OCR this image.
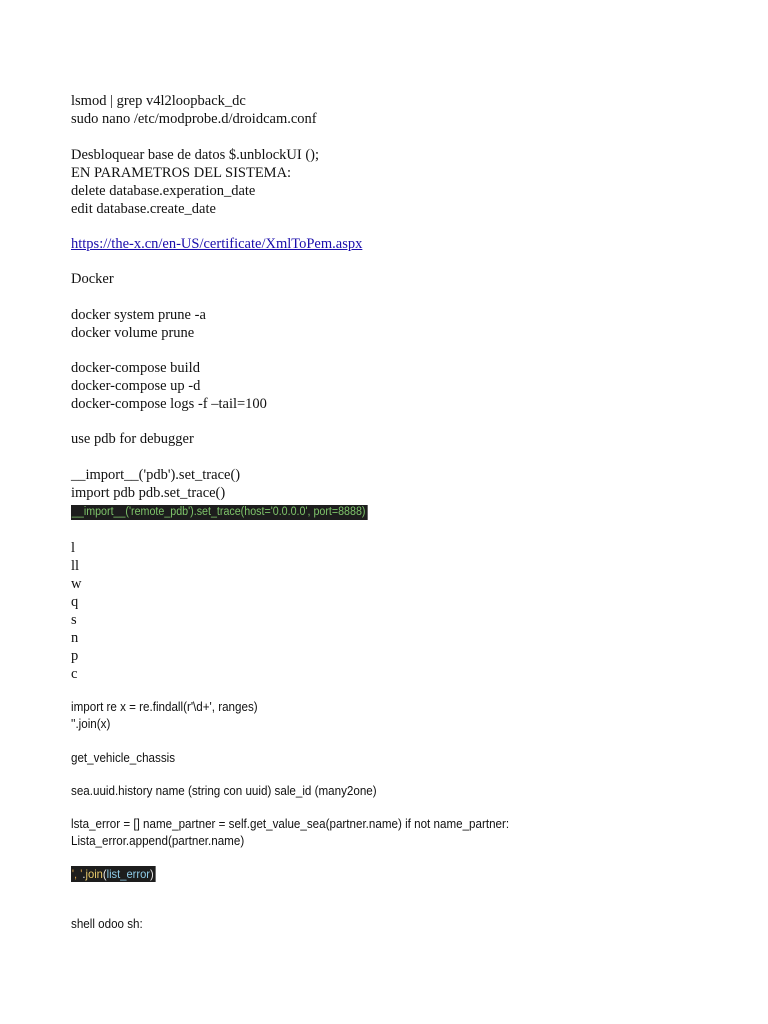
lsmod | grep v4l2loopback_dc
sudo nano /etc/modprobe.d/droidcam.conf
Desbloquear base de datos $.unblockUI ();
EN PARAMETROS DEL SISTEMA:
delete database.experation_date
edit database.create_date
https://the-x.cn/en-US/certificate/XmlToPem.aspx
Docker
docker system prune -a
docker volume prune
docker-compose build
docker-compose up -d
docker-compose logs -f –tail=100
use pdb for debugger
__import__('pdb').set_trace()
import pdb pdb.set_trace()
__import__('remote_pdb').set_trace(host='0.0.0.0', port=8888)
l
ll
w
q
s
n
p
c
import re x = re.findall(r'\d+', ranges)
''.join(x)
get_vehicle_chassis
sea.uuid.history name (string con uuid) sale_id (many2one)
lsta_error = [] name_partner = self.get_value_sea(partner.name) if not name_partner:
Lista_error.append(partner.name)
', '.join(list_error)
shell odoo sh:
